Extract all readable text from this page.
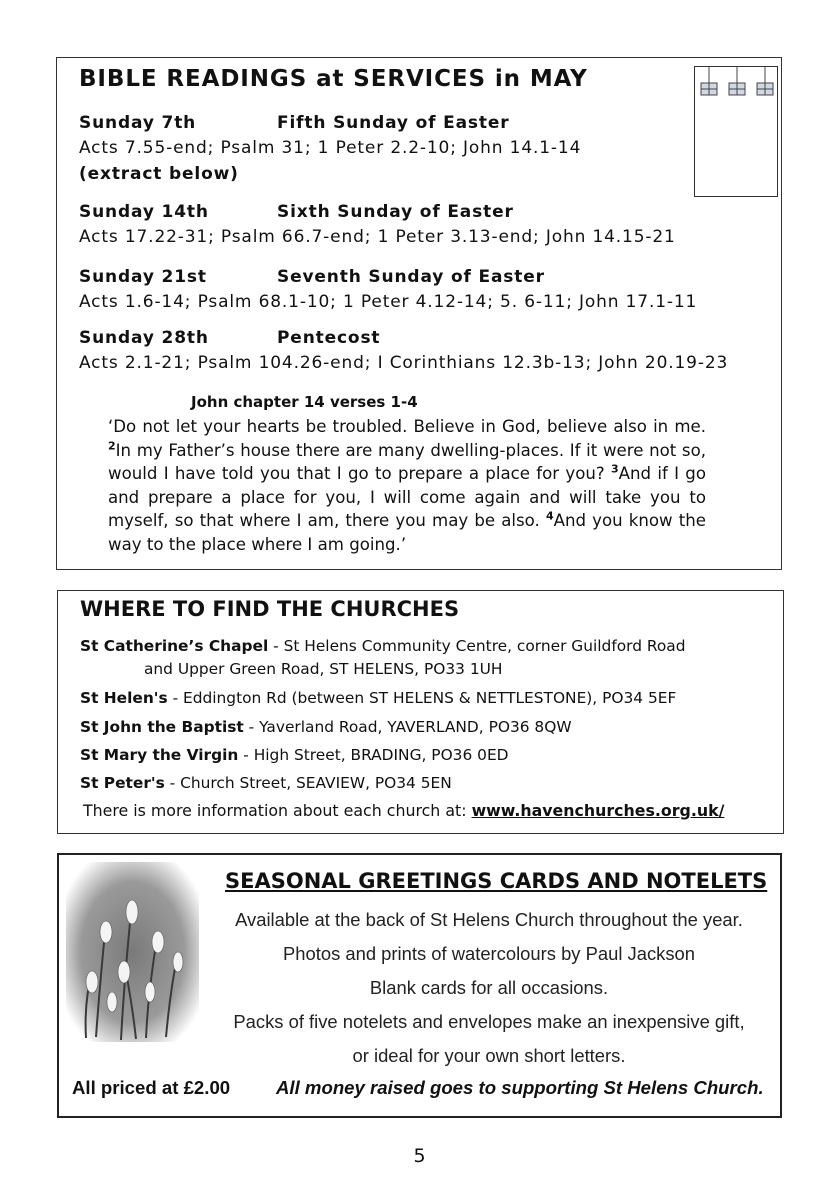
BIBLE READINGS at SERVICES in MAY
Sunday 7th	Fifth Sunday of Easter
Acts 7.55-end; Psalm 31; 1 Peter 2.2-10; John 14.1-14
(extract below)
Sunday 14th	Sixth Sunday of Easter
Acts 17.22-31; Psalm 66.7-end; 1 Peter 3.13-end; John 14.15-21
Sunday 21st	Seventh Sunday of Easter
Acts 1.6-14; Psalm 68.1-10; 1 Peter 4.12-14; 5. 6-11; John 17.1-11
Sunday 28th	Pentecost
Acts 2.1-21; Psalm 104.26-end; I Corinthians 12.3b-13; John 20.19-23
John chapter 14 verses 1-4
‘Do not let your hearts be troubled. Believe in God, believe also in me. $^2$In my Father’s house there are many dwelling-places. If it were not so, would I have told you that I go to prepare a place for you? $^3$And if I go and prepare a place for you, I will come again and will take you to myself, so that where I am, there you may be also. $^4$And you know the way to the place where I am going.’
WHERE TO FIND THE CHURCHES
St Catherine’s Chapel - St Helens Community Centre, corner Guildford Road
and Upper Green Road, ST HELENS, PO33 1UH
St Helen's - Eddington Rd (between ST HELENS & NETTLESTONE), PO34 5EF
St John the Baptist - Yaverland Road, YAVERLAND, PO36 8QW
St Mary the Virgin - High Street, BRADING, PO36 0ED
St Peter's - Church Street, SEAVIEW, PO34 5EN
There is more information about each church at: www.havenchurches.org.uk/
SEASONAL GREETINGS CARDS AND NOTELETS
Available at the back of St Helens Church throughout the year.
Photos and prints of watercolours by Paul Jackson
Blank cards for all occasions.
Packs of five notelets and envelopes make an inexpensive gift,
or ideal for your own short letters.
All priced at £2.00 All money raised goes to supporting St Helens Church.
5
